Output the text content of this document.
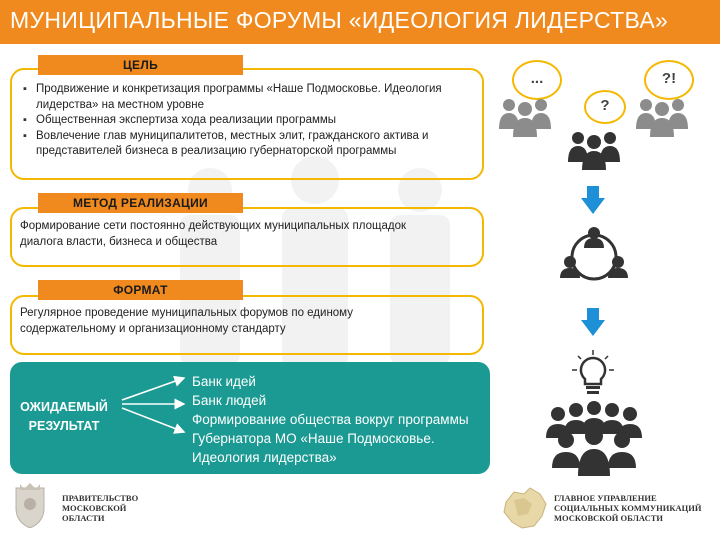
МУНИЦИПАЛЬНЫЕ ФОРУМЫ «ИДЕОЛОГИЯ ЛИДЕРСТВА»
ЦЕЛЬ
▪ Продвижение и конкретизация программы «Наше Подмосковье. Идеология лидерства» на местном уровне
▪ Общественная экспертиза хода реализации программы
▪ Вовлечение глав муниципалитетов, местных элит, гражданского актива и представителей бизнеса в реализацию губернаторской программы
МЕТОД РЕАЛИЗАЦИИ
Формирование сети постоянно действующих муниципальных площадок диалога власти, бизнеса и общества
ФОРМАТ
Регулярное проведение муниципальных форумов по единому содержательному и организационному стандарту
ОЖИДАЕМЫЙ
РЕЗУЛЬТАТ
Банк идей
Банк людей
Формирование общества вокруг программы Губернатора МО «Наше Подмосковье. Идеология лидерства»
...
?
?!
ПРАВИТЕЛЬСТВО
МОСКОВСКОЙ
ОБЛАСТИ
ГЛАВНОЕ УПРАВЛЕНИЕ
СОЦИАЛЬНЫХ КОММУНИКАЦИЙ
МОСКОВСКОЙ ОБЛАСТИ
